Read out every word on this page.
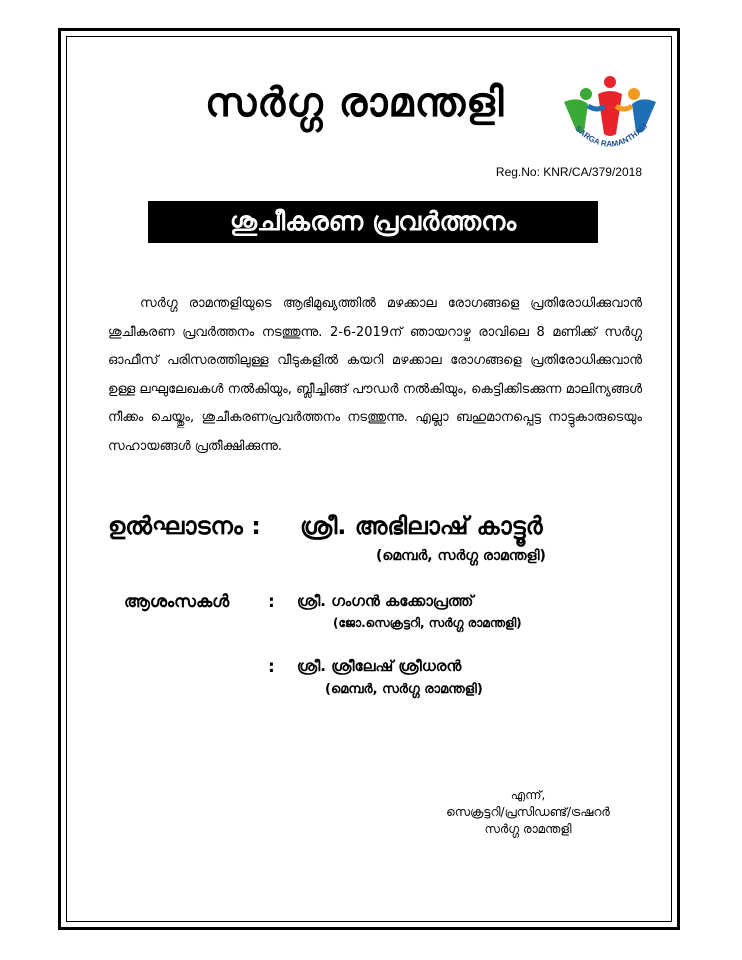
സർഗ്ഗ രാമന്തളി
SARGA RAMANTHALI
Reg.No: KNR/CA/379/2018
ശുചീകരണ പ്രവർത്തനം
സർഗ്ഗ രാമന്തളിയുടെ ആഭിമുഖ്യത്തിൽ മഴക്കാല രോഗങ്ങളെ പ്രതിരോധിക്കുവാൻ ശുചീകരണ പ്രവർത്തനം നടത്തുന്നു. 2-6-2019ന് ഞായറാഴ്ച രാവിലെ 8 മണിക്ക് സർഗ്ഗ ഓഫീസ് പരിസരത്തിലുള്ള വീടുകളിൽ കയറി മഴക്കാല രോഗങ്ങളെ പ്രതിരോധിക്കുവാൻ ഉള്ള ലഘുലേഖകൾ നൽകിയും, ബ്ലീച്ചിങ്ങ് പൗഡർ നൽകിയും, കെട്ടിക്കിടക്കുന്ന മാലിന്യങ്ങൾ നീക്കം ചെയ്തും, ശുചീകരണപ്രവർത്തനം നടത്തുന്നു. എല്ലാ ബഹുമാനപ്പെട്ട നാട്ടുകാരുടെയും സഹായങ്ങൾ പ്രതീക്ഷിക്കുന്നു.
ഉൽഘാടനം : ശ്രീ. അഭിലാഷ് കാട്ടൂർ
(മെമ്പർ, സർഗ്ഗ രാമന്തളി)
ആശംസകൾ : ശ്രീ. ഗംഗൻ കക്കോപ്രത്ത്
(ജോ.സെക്രട്ടറി, സർഗ്ഗ രാമന്തളി)
: ശ്രീ. ശ്രീലേഷ് ശ്രീധരൻ
(മെമ്പർ, സർഗ്ഗ രാമന്തളി)
എന്ന്,
സെക്രട്ടറി/പ്രസിഡണ്ട്/ട്രഷറർ
സർഗ്ഗ രാമന്തളി
